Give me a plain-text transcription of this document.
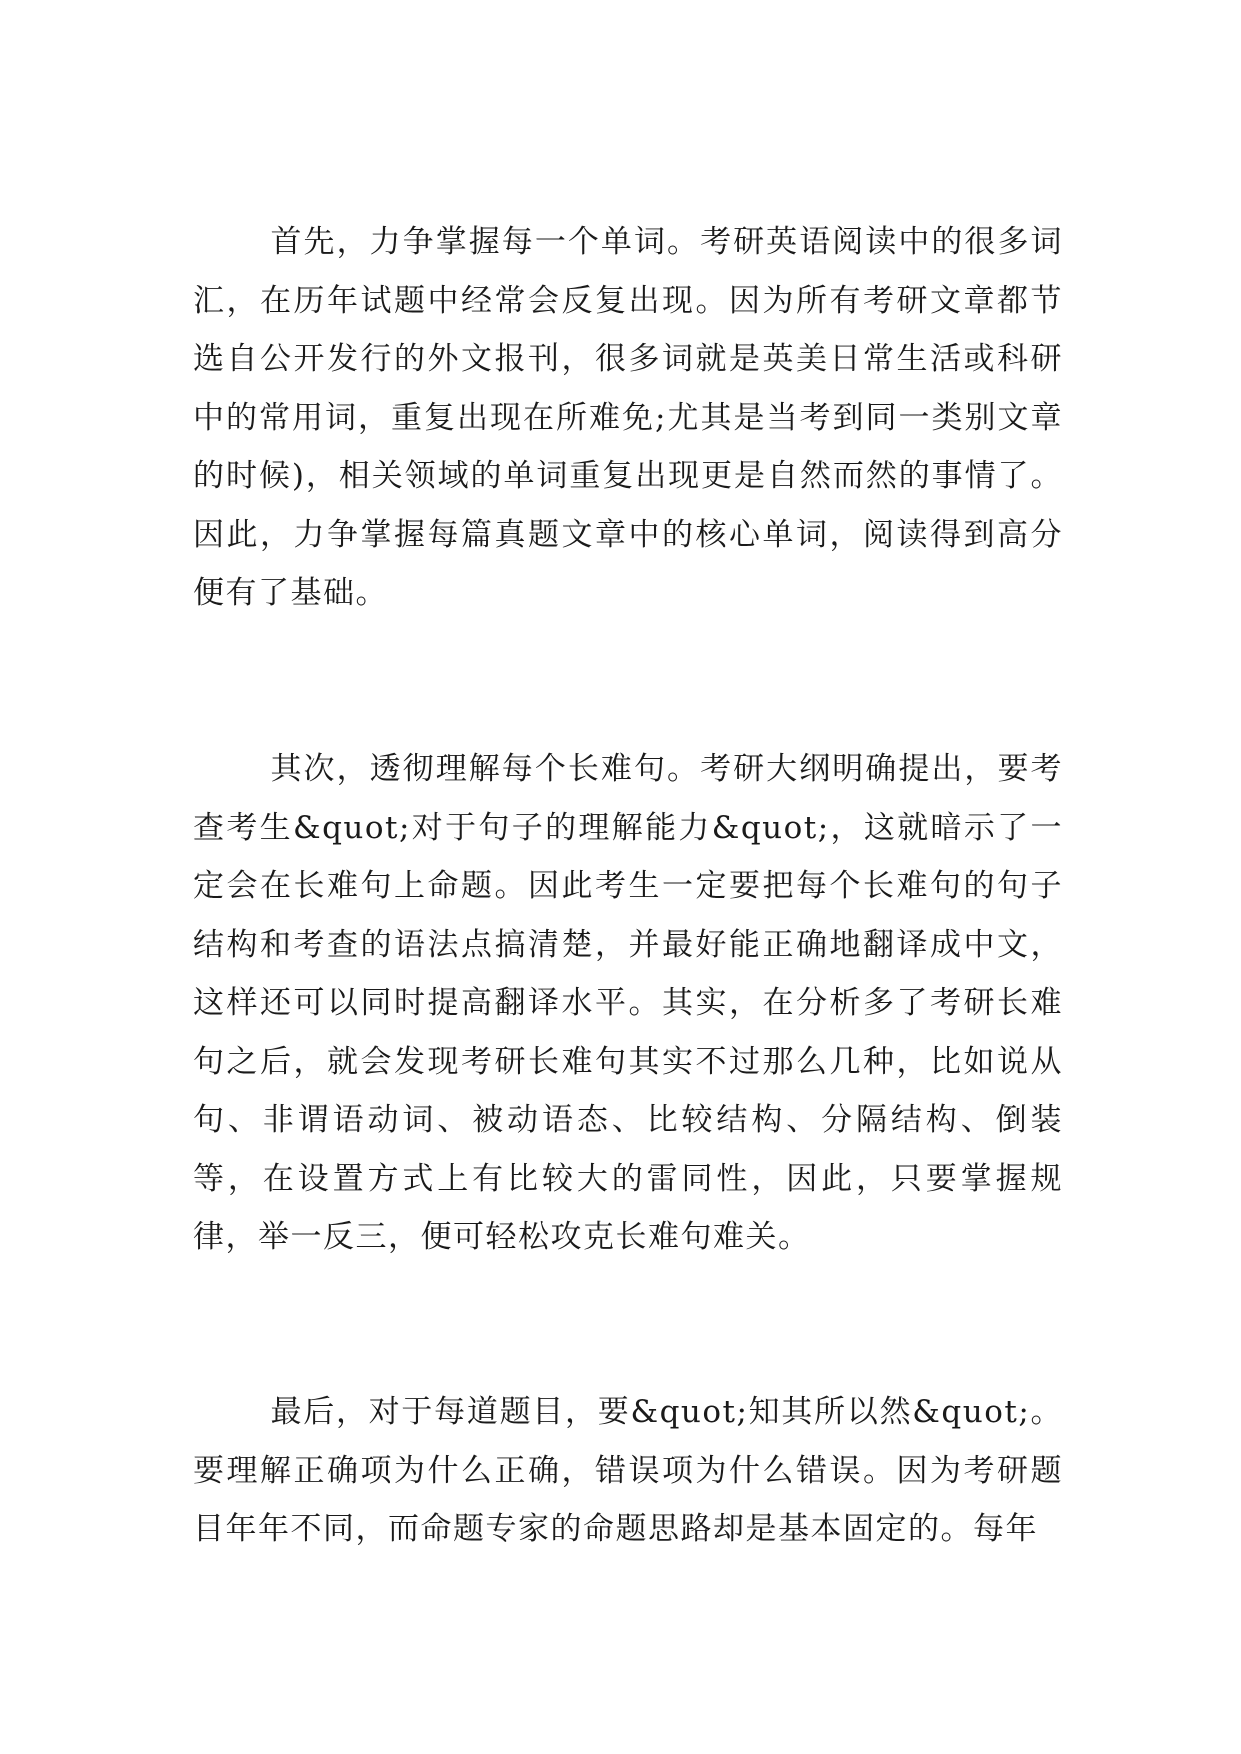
首先，力争掌握每一个单词。考研英语阅读中的很多词汇，在历年试题中经常会反复出现。因为所有考研文章都节选自公开发行的外文报刊，很多词就是英美日常生活或科研中的常用词，重复出现在所难免;尤其是当考到同一类别文章的时候)，相关领域的单词重复出现更是自然而然的事情了。因此，力争掌握每篇真题文章中的核心单词，阅读得到高分便有了基础。

其次，透彻理解每个长难句。考研大纲明确提出，要考查考生&quot;对于句子的理解能力&quot;，这就暗示了一定会在长难句上命题。因此考生一定要把每个长难句的句子结构和考查的语法点搞清楚，并最好能正确地翻译成中文，这样还可以同时提高翻译水平。其实，在分析多了考研长难句之后，就会发现考研长难句其实不过那么几种，比如说从句、非谓语动词、被动语态、比较结构、分隔结构、倒装等，在设置方式上有比较大的雷同性，因此，只要掌握规律，举一反三，便可轻松攻克长难句难关。

最后，对于每道题目，要&quot;知其所以然&quot;。要理解正确项为什么正确，错误项为什么错误。因为考研题目年年不同，而命题专家的命题思路却是基本固定的。每年
